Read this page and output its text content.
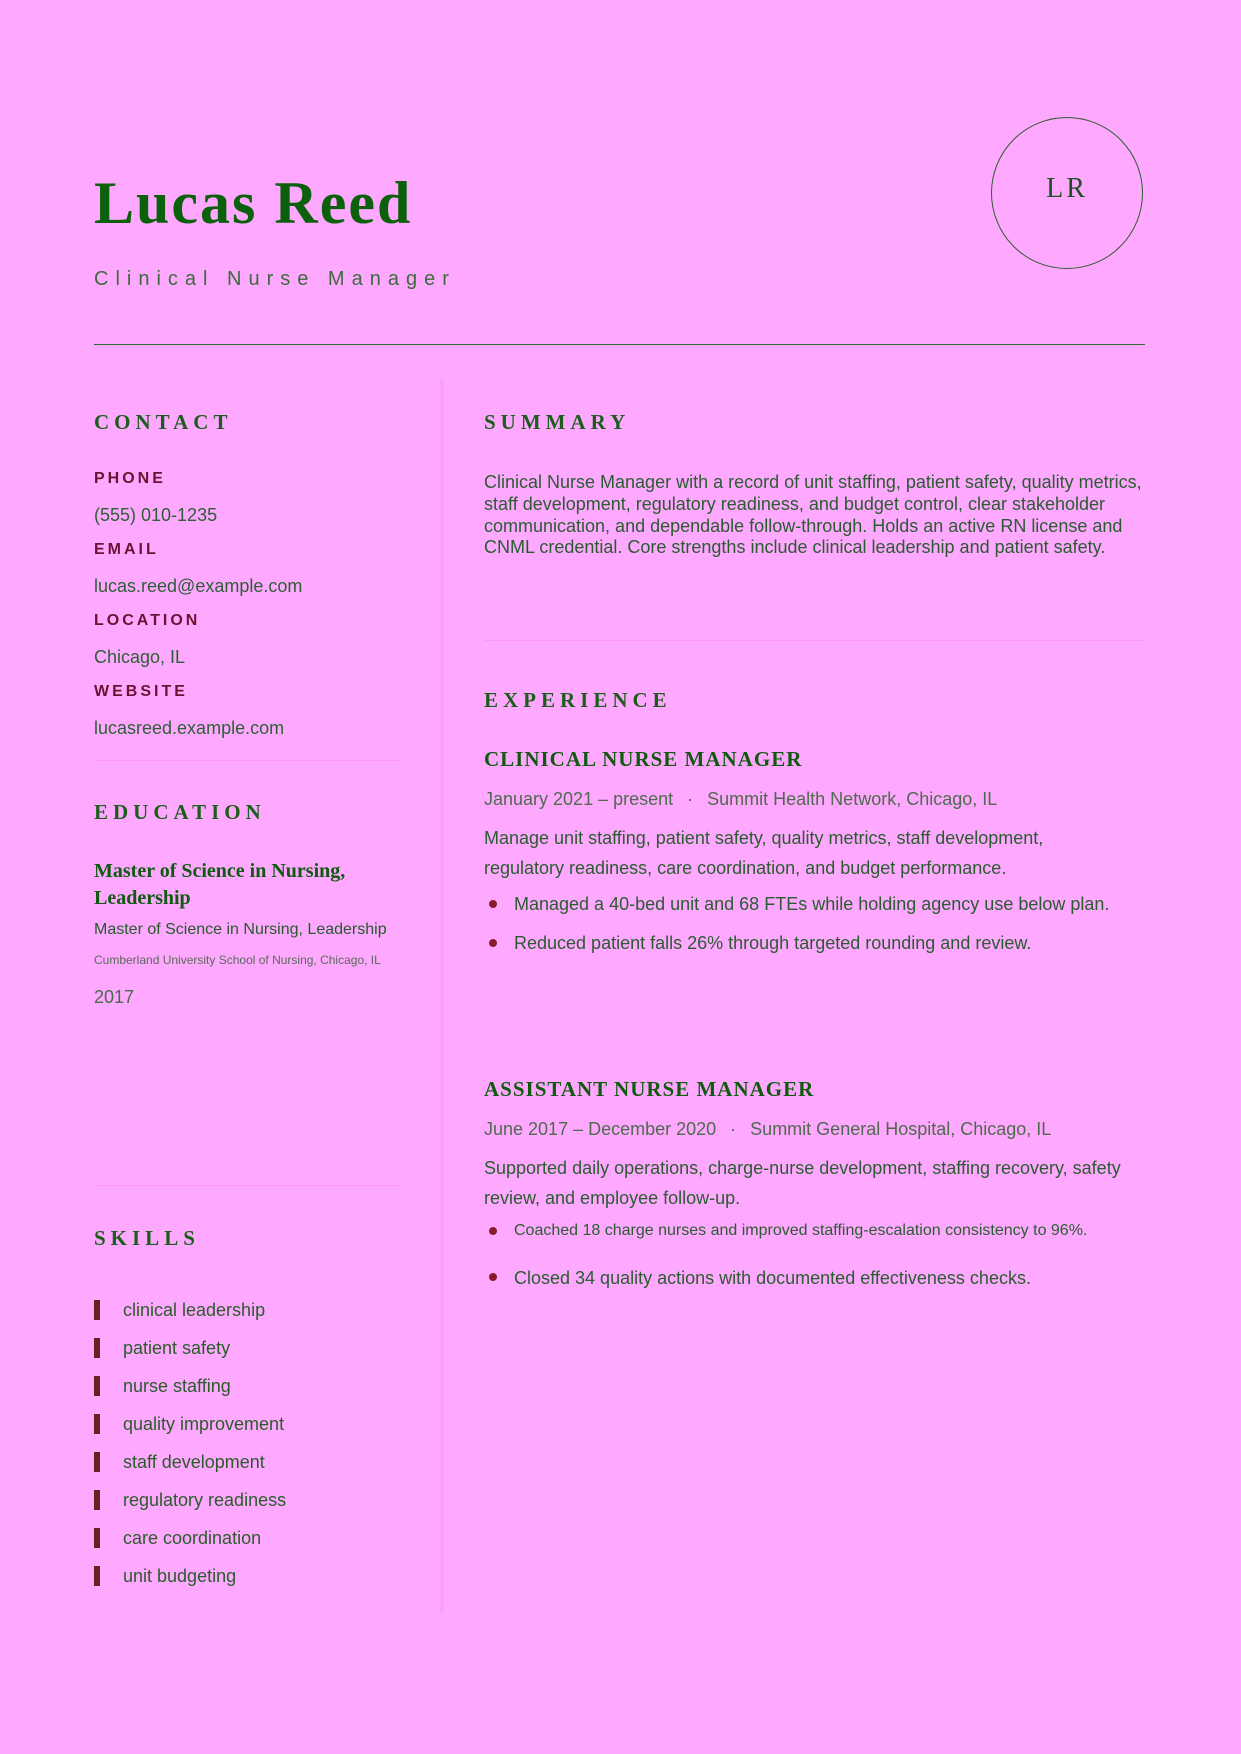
Lucas Reed
Clinical Nurse Manager
LR
CONTACT
PHONE
(555) 010-1235
EMAIL
lucas.reed@example.com
LOCATION
Chicago, IL
WEBSITE
lucasreed.example.com
EDUCATION
Master of Science in Nursing, Leadership
Master of Science in Nursing, Leadership
Cumberland University School of Nursing, Chicago, IL
2017
SKILLS
clinical leadership
patient safety
nurse staffing
quality improvement
staff development
regulatory readiness
care coordination
unit budgeting
SUMMARY

Clinical Nurse Manager with a record of unit staffing, patient safety, quality metrics, staff development, regulatory readiness, and budget control, clear stakeholder communication, and dependable follow-through. Holds an active RN license and CNML credential. Core strengths include clinical leadership and patient safety.

EXPERIENCE
CLINICAL NURSE MANAGER
January 2021 – present · Summit Health Network, Chicago, IL

Manage unit staffing, patient safety, quality metrics, staff development, regulatory readiness, care coordination, and budget performance.

Managed a 40-bed unit and 68 FTEs while holding agency use below plan.
Reduced patient falls 26% through targeted rounding and review.
ASSISTANT NURSE MANAGER
June 2017 – December 2020 · Summit General Hospital, Chicago, IL

Supported daily operations, charge-nurse development, staffing recovery, safety review, and employee follow-up.

Coached 18 charge nurses and improved staffing-escalation consistency to 96%.
Closed 34 quality actions with documented effectiveness checks.
